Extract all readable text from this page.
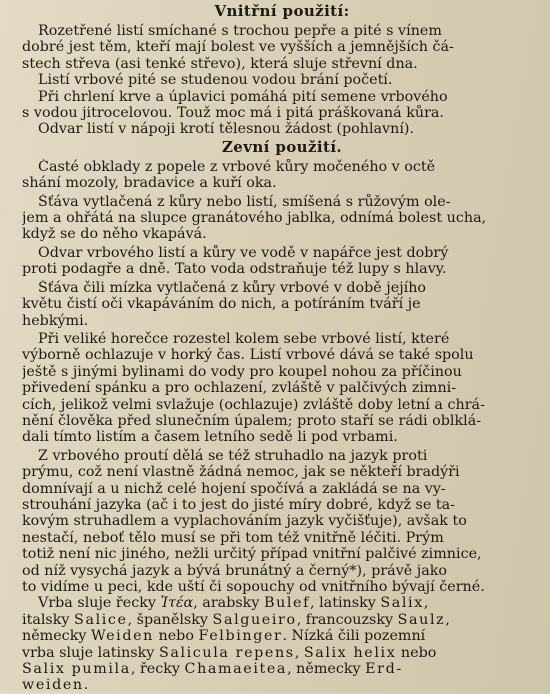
Vnitřní použití:

Rozetřené listí smíchané s trochou pepře a pité s vínem
dobré jest těm, kteří mají bolest ve vyšších a jemnějších čá-
stech střeva (asi tenké střevo), která sluje střevní dna.

Listí vrbové pité se studenou vodou brání početí.

Při chrlení krve a úplavici pomáhá pití semene vrbového
s vodou jitrocelovou. Touž moc má i pitá práškovaná kůra.

Odvar listí v nápoji krotí tělesnou žádost (pohlavní).

Zevní použití.

Časté obklady z popele z vrbové kůry močeného v octě
shání mozoly, bradavice a kuří oka.

Šťáva vytlačená z kůry nebo listí, smíšená s růžovým ole-
jem a ohřátá na slupce granátového jablka, odnímá bolest ucha,
když se do něho vkapává.

Odvar vrbového listí a kůry ve vodě v napářce jest dobrý
proti podagře a dně. Tato voda odstraňuje též lupy s hlavy.

Šťáva čili mízka vytlačená z kůry vrbové v době jejího
květu čistí oči vkapáváním do nich, a potíráním tváří je
hebkými.

Při veliké horečce rozestel kolem sebe vrbové listí, které
výborně ochlazuje v horký čas. Listí vrbové dává se také spolu
ještě s jinými bylinami do vody pro koupel nohou za příčinou
přivedení spánku a pro ochlazení, zvláště v palčivých zimni-
cích, jelikož velmi svlažuje (ochlazuje) zvláště doby letní a chrá-
nění člověka před slunečním úpalem; proto staří se rádi oblklá-
dali tímto listím a časem letního sedě li pod vrbami.

Z vrbového proutí dělá se též struhadlo na jazyk proti
prýmu, což není vlastně žádná nemoc, jak se někteří bradýři
domnívají a u nichž celé hojení spočívá a zakládá se na vy-
strouhání jazyka (ač i to jest do jisté míry dobré, když se ta-
kovým struhadlem a vyplachováním jazyk vyčišťuje), avšak to
nestačí, neboť tělo musí se při tom též vnitřně léčiti. Prým
totiž není nic jiného, nežli určitý případ vnitřní palčivé zimnice,
od níž vysychá jazyk a bývá brunátný a černý*), právě jako
to vidíme u peci, kde uští či sopouchy od vnitřního bývají černé.

Vrba sluje řecky Ἰτέα, arabsky Bulef, latinsky Salix,
italsky Salice, španělsky Salgueiro, francouzsky Saulz,
německy Weiden nebo Felbinger. Nízká čili pozemní
vrba sluje latinsky Salicula repens, Salix helix nebo
Salix pumila, řecky Chamaeitea, německy Erd-
weiden.
